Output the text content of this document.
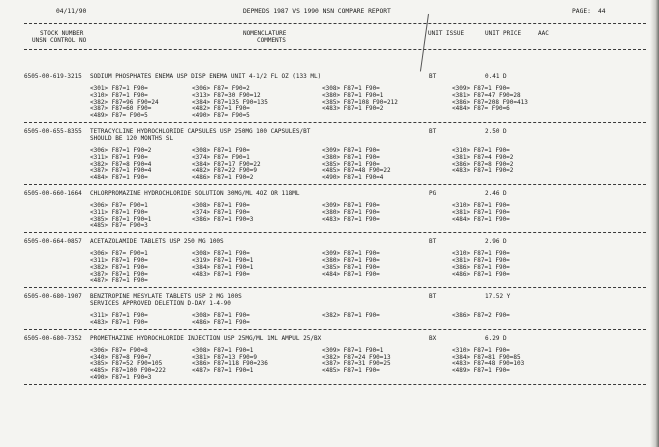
04/11/90	DEPMEDS 1987 VS 1990 NSN COMPARE REPORT	PAGE: 44
STOCK NUMBER
UNSN CONTROL NO
NOMENCLATURE
COMMENTS
UNIT ISSUE	UNIT PRICE	AAC
6505-00-619-3215 SODIUM PHOSPHATES ENEMA USP DISP ENEMA UNIT 4-1/2 FL OZ (133 ML)	BT	0.41 D
<301> F87=1 F90=	<306> F87= F90=2	<308> F87=1 F90=	<309> F87=1 F90=
<310> F87=1 F90=	<313> F87=30 F90=12	<380> F87=1 F90=1	<381> F87=47 F90=28
<382> F87=96 F90=24	<384> F87=135 F90=135	<385> F87=108 F90=212	<386> F87=208 F90=413
<387> F87=60 F90=	<482> F87=1 F90=	<483> F87=1 F90=2	<484> F87= F90=6
<489> F87= F90=5	<490> F87= F90=5
6505-00-655-8355 TETRACYCLINE HYDROCHLORIDE CAPSULES USP 250MG 100 CAPSULES/BT	BT	2.50 D
SHOULD BE 120 MONTHS SL
<306> F87=1 F90=2	<308> F87=1 F90=	<309> F87=1 F90=	<310> F87=1 F90=
<311> F87=1 F90=	<374> F87= F90=1	<380> F87=1 F90=	<381> F87=4 F90=2
<382> F87=8 F90=4	<384> F87=17 F90=22	<385> F87=1 F90=	<386> F87=8 F90=2
<387> F87=1 F90=4	<482> F87=22 F90=9	<485> F87=48 F90=22	<483> F87=1 F90=2
<484> F87=1 F90=	<486> F87=1 F90=2	<490> F87=1 F90=4
6505-00-660-1664 CHLORPROMAZINE HYDROCHLORIDE SOLUTION 30MG/ML 4OZ OR 118ML	PG	2.46 D
<306> F87= F90=1	<308> F87=1 F90=	<309> F87=1 F90=	<310> F87=1 F90=
<311> F87=1 F90=	<374> F87=1 F90=	<380> F87=1 F90=	<381> F87=1 F90=
<385> F87=1 F90=1	<386> F87=1 F90=3	<483> F87=1 F90=	<484> F87=1 F90=
<485> F87= F90=3
6505-00-664-0857 ACETAZOLAMIDE TABLETS USP 250 MG 100S	BT	2.96 D
<306> F87= F90=1	<308> F87=1 F90=	<309> F87=1 F90=	<310> F87=1 F90=
<311> F87=1 F90=	<319> F87=1 F90=1	<380> F87=1 F90=	<381> F87=1 F90=
<382> F87=1 F90=	<384> F87=1 F90=1	<385> F87=1 F90=	<386> F87=1 F90=
<387> F87=1 F90=	<483> F87=1 F90=	<484> F87=1 F90=	<486> F87=1 F90=
<487> F87=1 F90=
6505-00-680-1907 BENZTROPINE MESYLATE TABLETS USP 2 MG 100S	BT	17.52 Y
SERVICES APPROVED DELETION D-DAY 1-4-90
<311> F87=1 F90=	<308> F87=1 F90=	<382> F87=1 F90=	<386> F87=2 F90=
<483> F87=1 F90=	<486> F87=1 F90=
6505-00-680-7352 PROMETHAZINE HYDROCHLORIDE INJECTION USP 25MG/ML 1ML AMPUL 25/BX	BX	6.29 D
<306> F87= F90=8	<308> F87=1 F90=1	<309> F87=1 F90=1	<310> F87=1 F90=
<340> F87=8 F90=7	<381> F87=13 F90=9	<382> F87=24 F90=13	<384> F87=81 F90=85
<385> F87=52 F90=105	<386> F87=118 F90=236	<387> F87=31 F90=25	<483> F87=48 F90=103
<485> F87=100 F90=222	<487> F87=1 F90=1	<485> F87=1 F90=	<489> F87=1 F90=
<490> F87=1 F90=3
